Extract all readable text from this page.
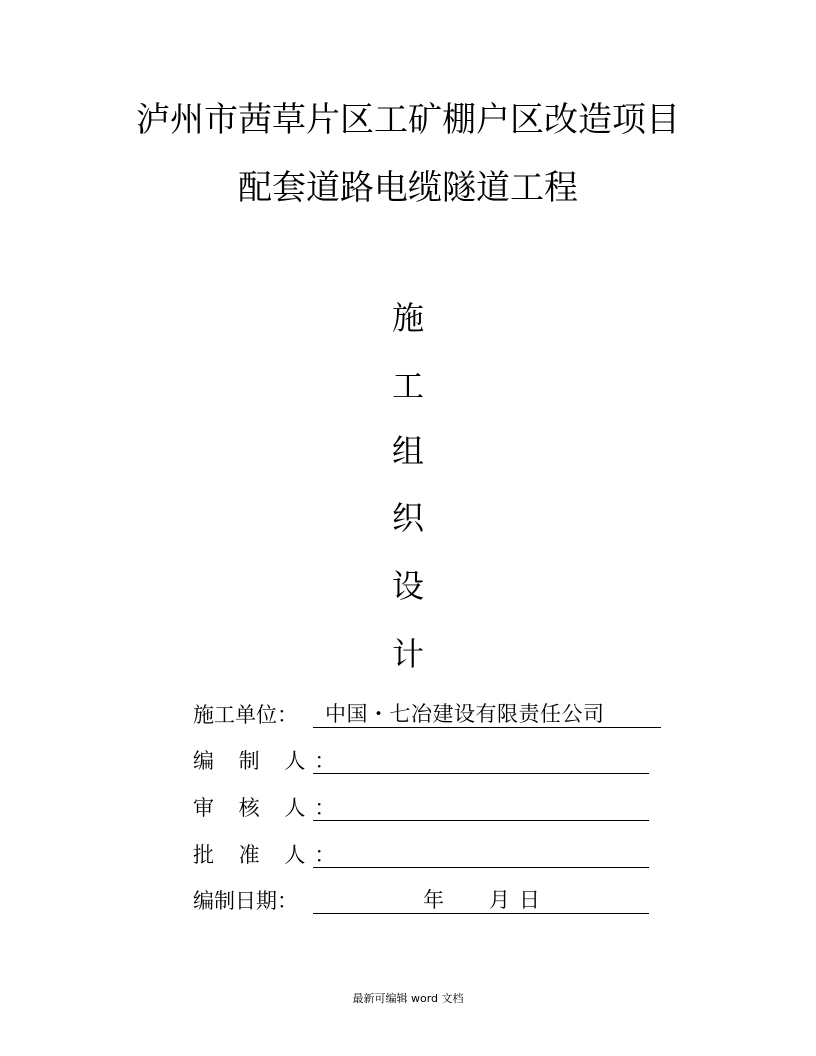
泸州市茜草片区工矿棚户区改造项目
配套道路电缆隧道工程
施
工
组
织
设
计
施工单位：	中国・七冶建设有限责任公司
编 制 人：
审 核 人：
批 准 人：
编制日期：	年 月 日
最新可编辑 word 文档
